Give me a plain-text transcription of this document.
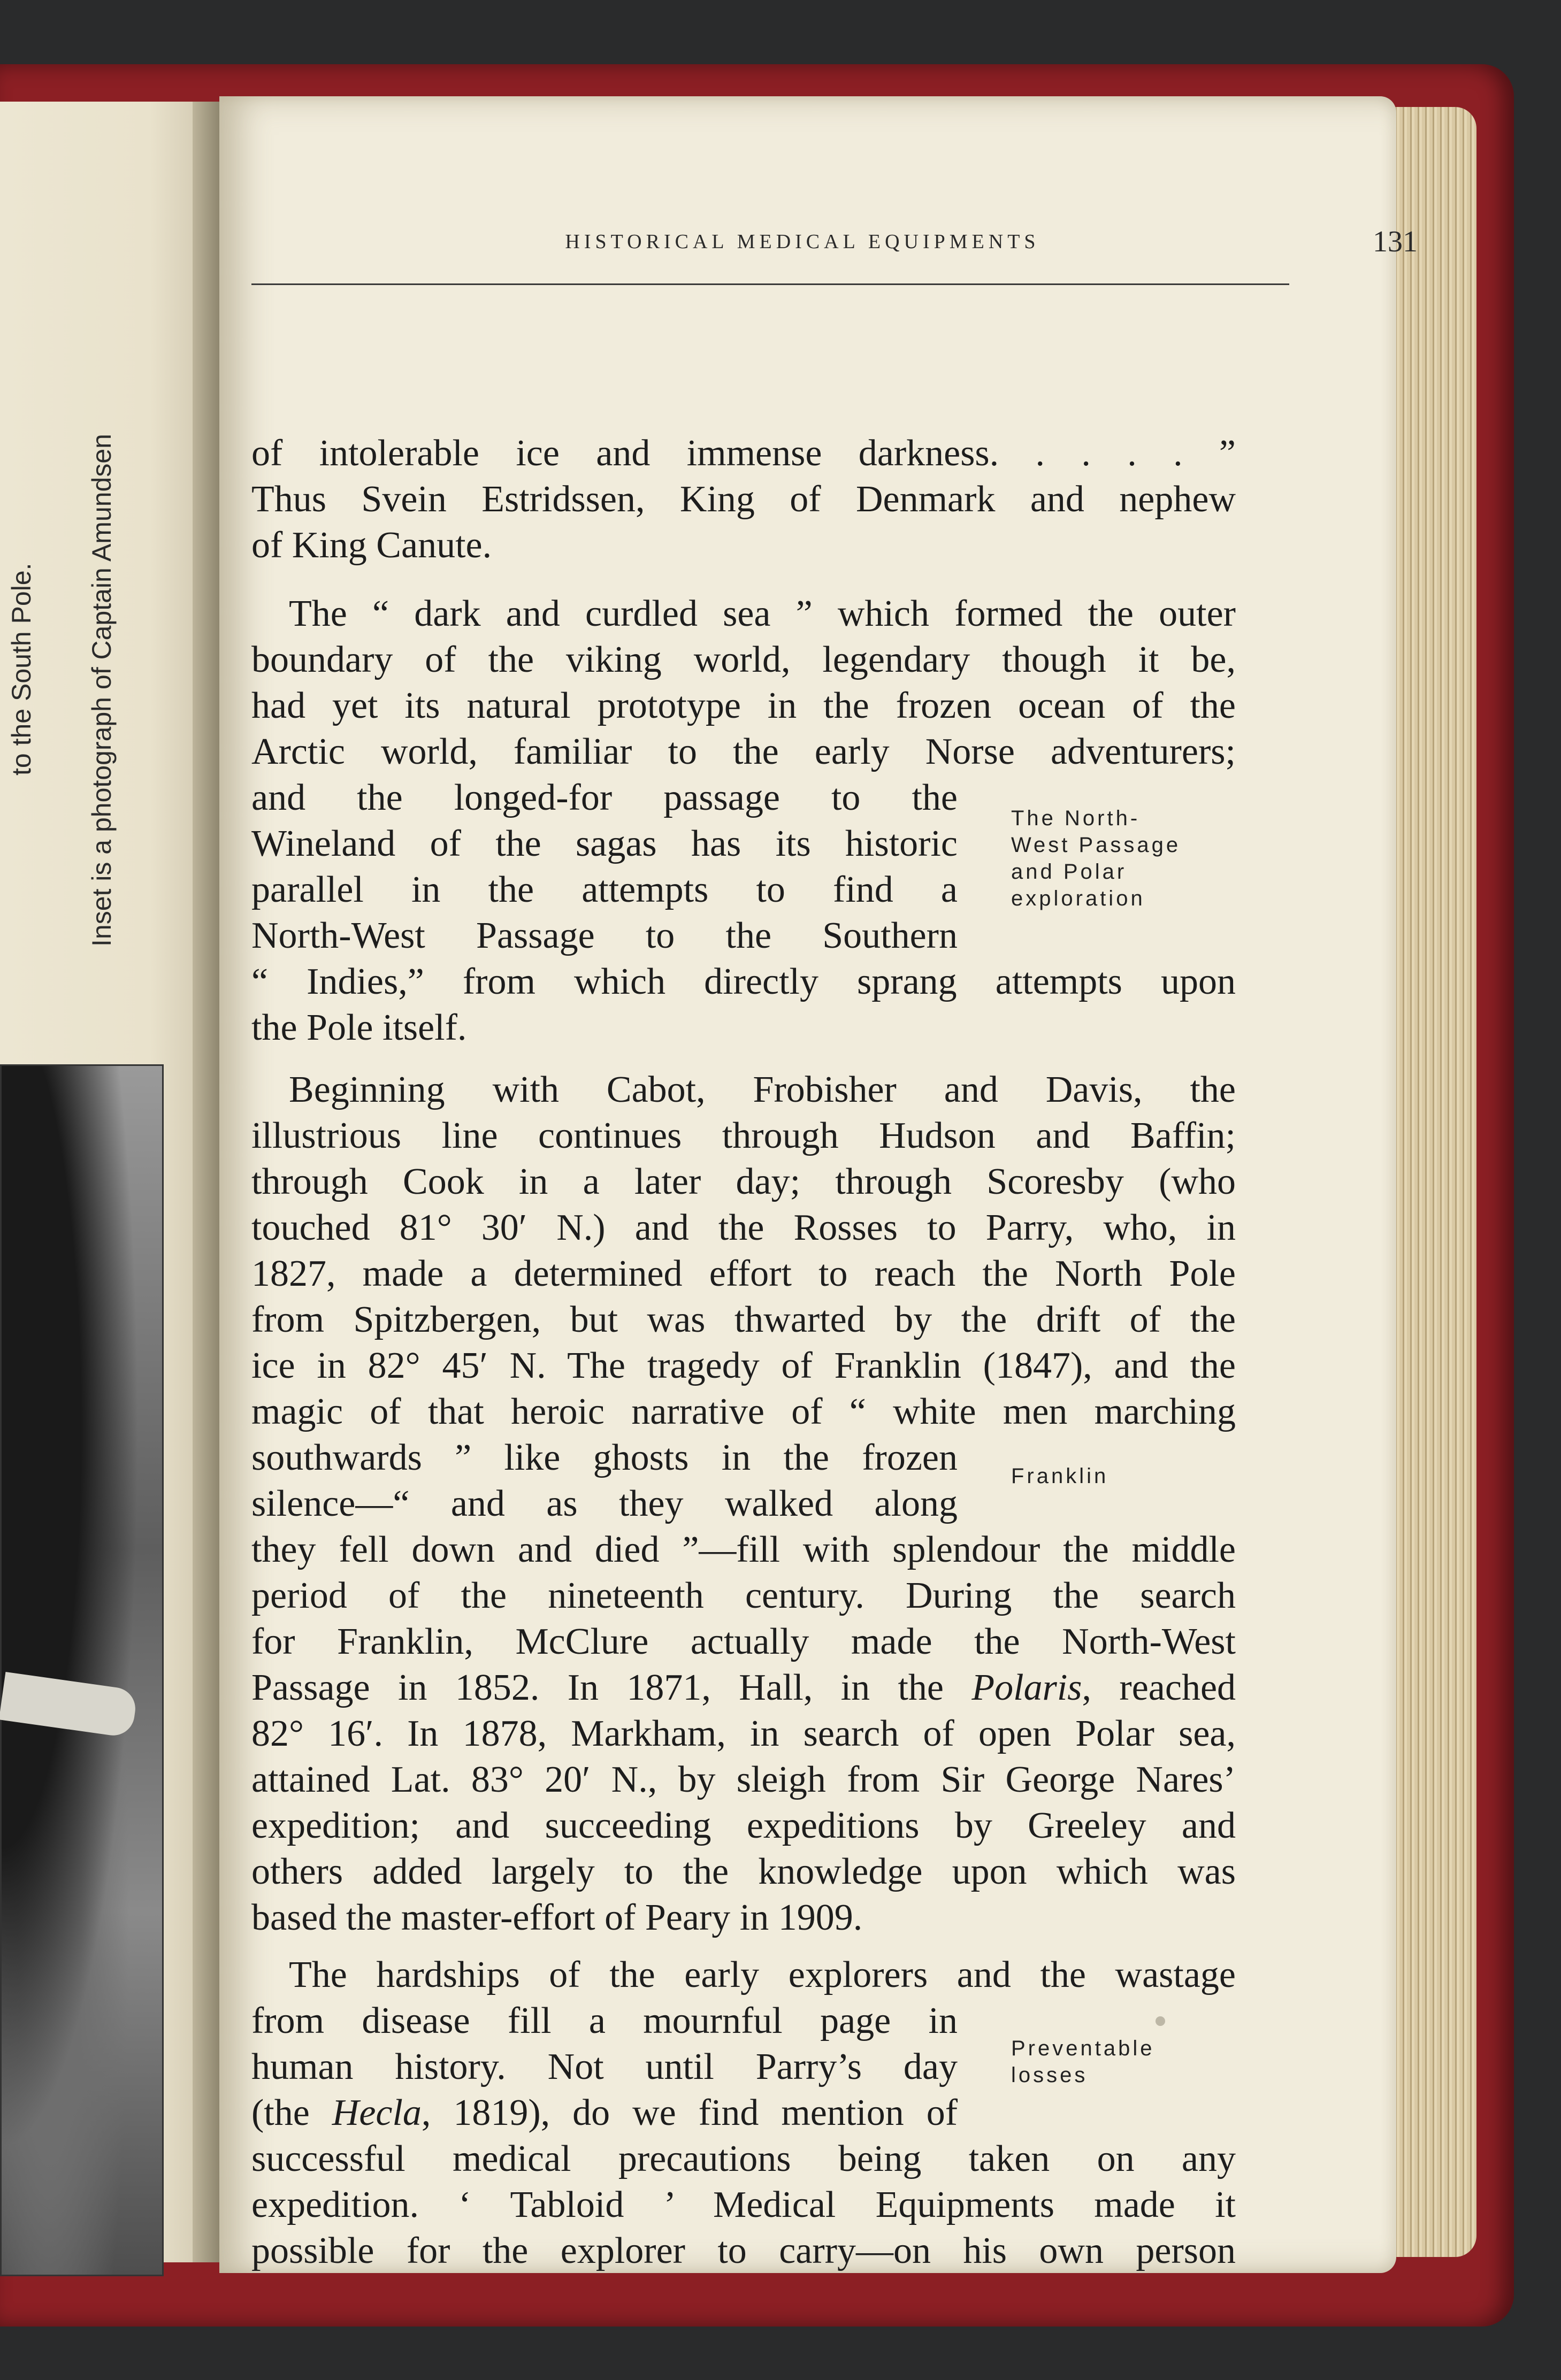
to the South Pole. Inset is a photograph of Captain Amundsen
HISTORICAL MEDICAL EQUIPMENTS	131
of intolerable ice and immense darkness. . . . . ”
Thus Svein Estridssen, King of Denmark and nephew
of King Canute.
The “ dark and curdled sea ” which formed the outer
boundary of the viking world, legendary though it be,
had yet its natural prototype in the frozen ocean of the
Arctic world, familiar to the early Norse adventurers;
and the longed-for passage to the
Wineland of the sagas has its historic
parallel in the attempts to find a
North-West Passage to the Southern
“ Indies,” from which directly sprang attempts upon
the Pole itself.
The North-
West Passage
and Polar
exploration
Beginning with Cabot, Frobisher and Davis, the
illustrious line continues through Hudson and Baffin;
through Cook in a later day; through Scoresby (who
touched 81° 30′ N.) and the Rosses to Parry, who, in
1827, made a determined effort to reach the North Pole
from Spitzbergen, but was thwarted by the drift of the
ice in 82° 45′ N. The tragedy of Franklin (1847), and the
magic of that heroic narrative of “ white men marching
southwards ” like ghosts in the frozen
silence—“ and as they walked along
they fell down and died ”—fill with splendour the middle
period of the nineteenth century. During the search
for Franklin, McClure actually made the North-West
Passage in 1852. In 1871, Hall, in the Polaris, reached
82° 16′. In 1878, Markham, in search of open Polar sea,
attained Lat. 83° 20′ N., by sleigh from Sir George Nares’
expedition; and succeeding expeditions by Greeley and
others added largely to the knowledge upon which was
based the master-effort of Peary in 1909.
Franklin
The hardships of the early explorers and the wastage
from disease fill a mournful page in
human history. Not until Parry’s day
(the Hecla, 1819), do we find mention of
successful medical precautions being taken on any
expedition. ‘ Tabloid ’ Medical Equipments made it
possible for the explorer to carry—on his own person
Preventable
losses
